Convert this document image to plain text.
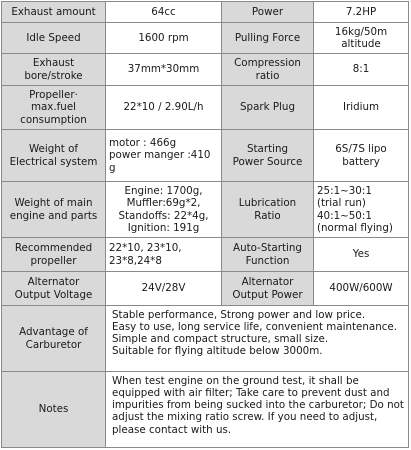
Exhaust amount	64cc	Power	7.2HP
Idle Speed	1600 rpm	Pulling Force	16kg/50m
altitude

Exhaust
bore/stroke	37mm*30mm	Compression
ratio	8:1

Propeller·
max.fuel
consumption	22*10 / 2.90L/h	Spark Plug	Iridium

Weight of
Electrical system	motor : 466g
power manger :410
g	Starting
Power Source	6S/7S lipo
battery

Weight of main
engine and parts	Engine: 1700g,
Muffler:69g*2,
Standoffs: 22*4g,
Ignition: 191g	Lubrication
Ratio	25:1~30:1
(trial run)
40:1~50:1
(normal flying)

Recommended
propeller	22*10, 23*10,
23*8,24*8	Auto-Starting
Function	Yes

Alternator
Output Voltage	24V/28V	Alternator
Output Power	400W/600W

Advantage of
Carburetor	Stable performance, Strong power and low price.
Easy to use, long service life, convenient maintenance.
Simple and compact structure, small size.
Suitable for flying altitude below 3000m.		

Notes	When test engine on the ground test, it shall be
equipped with air filter; Take care to prevent dust and
impurities from being sucked into the carburetor; Do not
adjust the mixing ratio screw. If you need to adjust,
please contact with us.		
